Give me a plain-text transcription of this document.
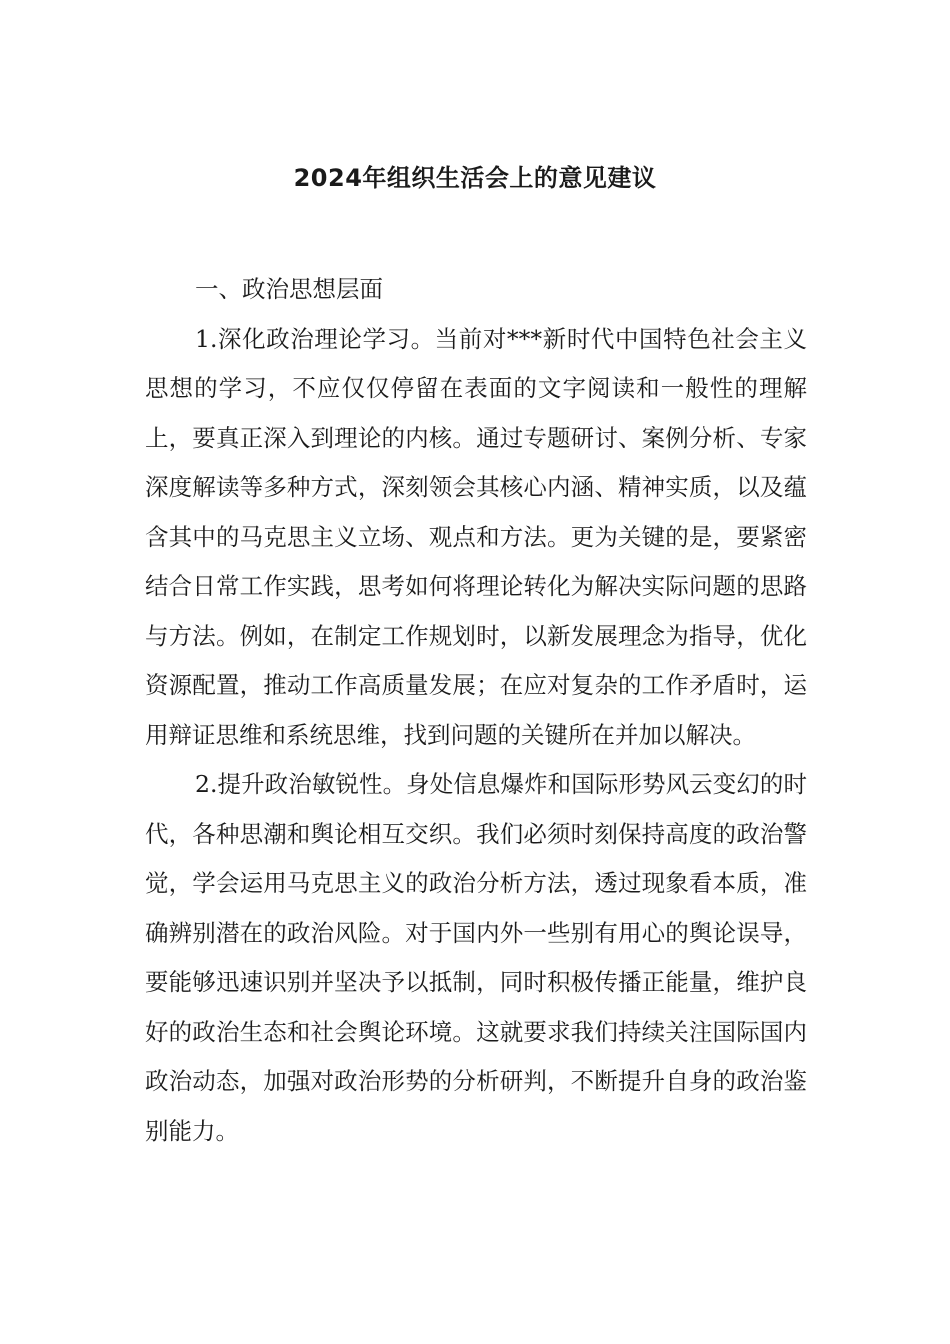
2024年组织生活会上的意见建议

一、政治思想层面

1.深化政治理论学习。当前对***新时代中国特色社会主义思想的学习，不应仅仅停留在表面的文字阅读和一般性的理解上，要真正深入到理论的内核。通过专题研讨、案例分析、专家深度解读等多种方式，深刻领会其核心内涵、精神实质，以及蕴含其中的马克思主义立场、观点和方法。更为关键的是，要紧密结合日常工作实践，思考如何将理论转化为解决实际问题的思路与方法。例如，在制定工作规划时，以新发展理念为指导，优化资源配置，推动工作高质量发展；在应对复杂的工作矛盾时，运用辩证思维和系统思维，找到问题的关键所在并加以解决。

2.提升政治敏锐性。身处信息爆炸和国际形势风云变幻的时代，各种思潮和舆论相互交织。我们必须时刻保持高度的政治警觉，学会运用马克思主义的政治分析方法，透过现象看本质，准确辨别潜在的政治风险。对于国内外一些别有用心的舆论误导，要能够迅速识别并坚决予以抵制，同时积极传播正能量，维护良好的政治生态和社会舆论环境。这就要求我们持续关注国际国内政治动态，加强对政治形势的分析研判，不断提升自身的政治鉴别能力。
